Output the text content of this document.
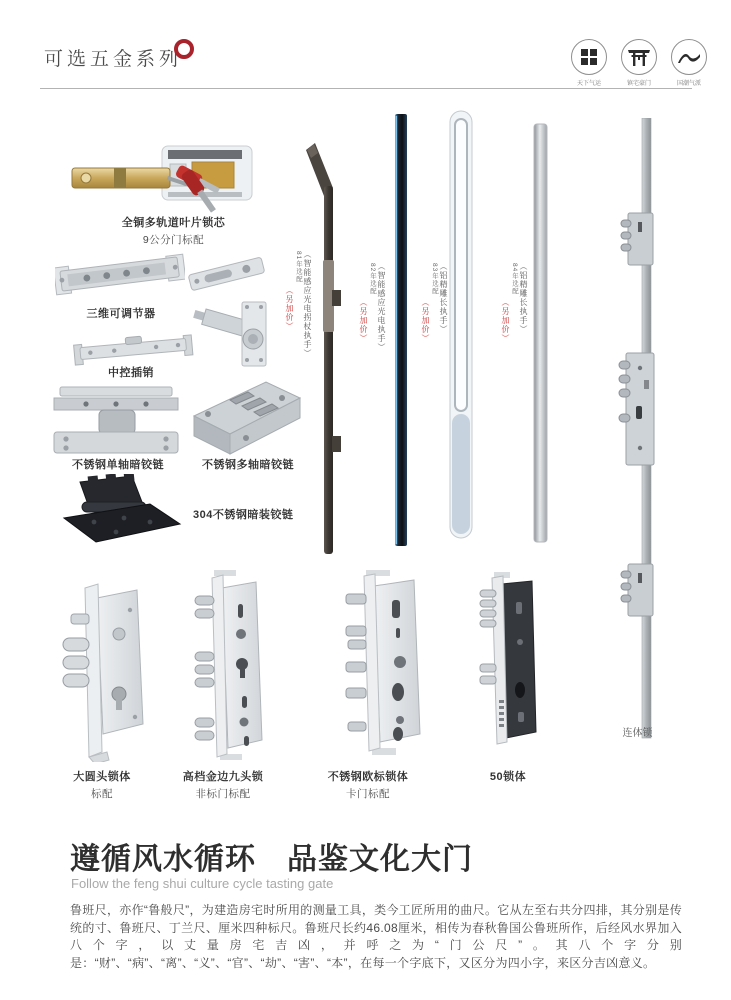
可选五金系列
天下气运	镇宅豪门	国潮气派
全铜多轨道叶片锁芯
9公分门标配
三维可调节器
中控插销
不锈钢单轴暗铰链	不锈钢多轴暗铰链
304不锈钢暗装铰链
（另加价）
81年选配 （智能感应光电拐杖执手）	（另加价）
82年选配 （智能感应光电执手）	（另加价）
83年选配 （铝精雕长执手）	（另加价）
84年选配 （铝精雕长执手）
连体锁
大圆头锁体
标配
高档金边九头锁
非标门标配
不锈钢欧标锁体
卡门标配
50锁体
遵循风水循环　品鉴文化大门
Follow the feng shui culture cycle tasting gate
鲁班尺，亦作“鲁般尺”，为建造房宅时所用的测量工具，类今工匠所用的曲尺。它从左至右共分四排，其分别是传统的寸、鲁班尺、丁兰尺、厘米四种标尺。鲁班尺长约46.08厘米，相传为春秋鲁国公鲁班所作，后经风水界加入八个字，以丈量房宅吉凶，并呼之为“门公尺”。其八个字分别是：“财”、“病”、“离”、“义”、“官”、“劫”、“害”、“本”，在每一个字底下，又区分为四小字，来区分吉凶意义。
